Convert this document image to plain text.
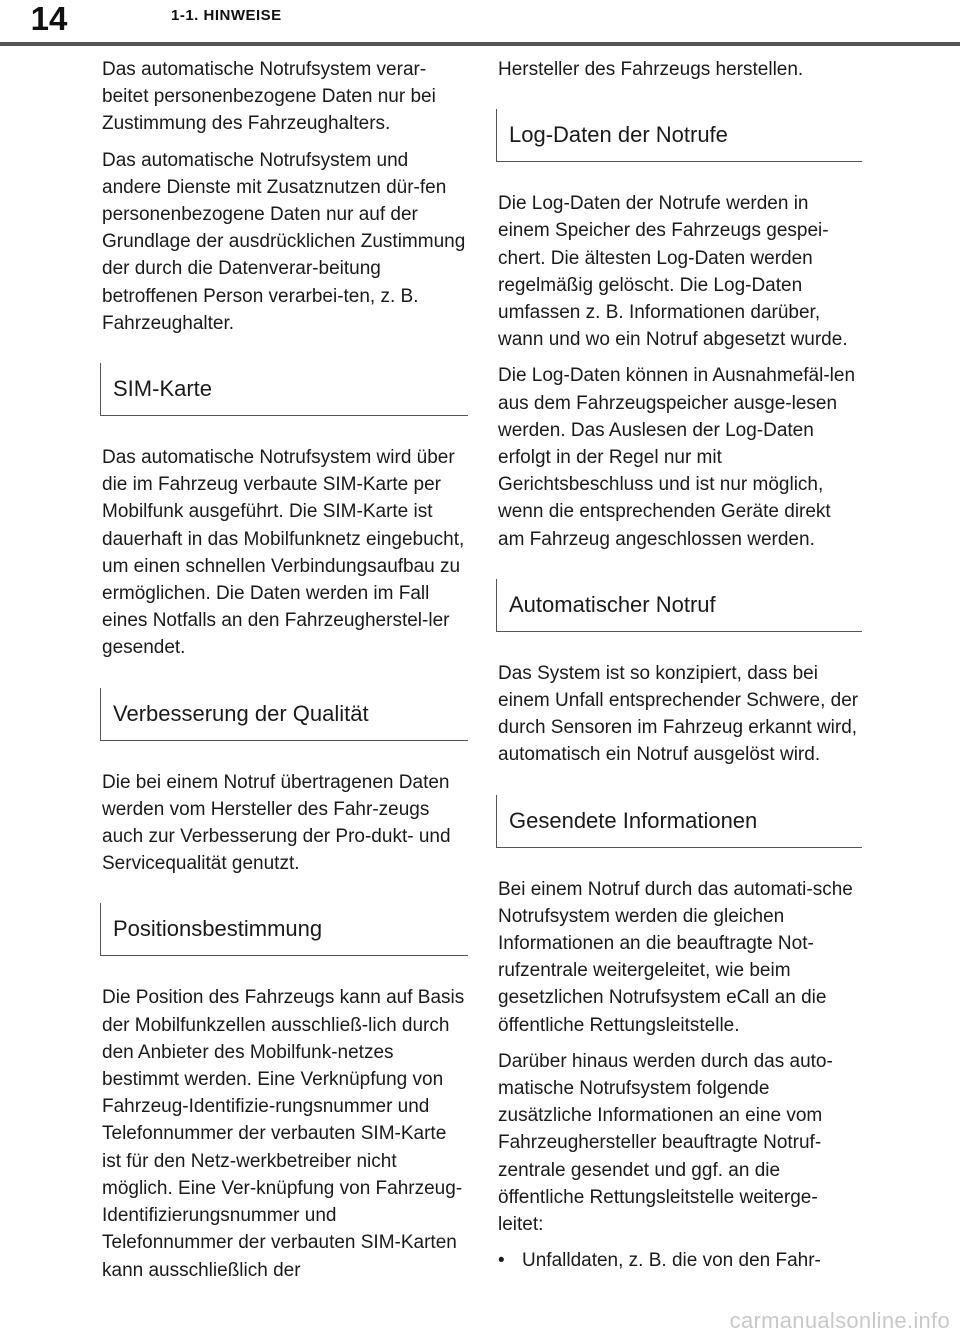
14	1-1. HINWEISE

Das automatische Notrufsystem verar-beitet personenbezogene Daten nur bei Zustimmung des Fahrzeughalters.

Das automatische Notrufsystem und andere Dienste mit Zusatznutzen dür-fen personenbezogene Daten nur auf der Grundlage der ausdrücklichen Zustimmung der durch die Datenverar-beitung betroffenen Person verarbei-ten, z. B. Fahrzeughalter.

SIM-Karte

Das automatische Notrufsystem wird über die im Fahrzeug verbaute SIM-Karte per Mobilfunk ausgeführt. Die SIM-Karte ist dauerhaft in das Mobilfunknetz eingebucht, um einen schnellen Verbindungsaufbau zu ermöglichen. Die Daten werden im Fall eines Notfalls an den Fahrzeugherstel-ler gesendet.

Verbesserung der Qualität

Die bei einem Notruf übertragenen Daten werden vom Hersteller des Fahr-zeugs auch zur Verbesserung der Pro-dukt- und Servicequalität genutzt.

Positionsbestimmung

Die Position des Fahrzeugs kann auf Basis der Mobilfunkzellen ausschließ-lich durch den Anbieter des Mobilfunk-netzes bestimmt werden. Eine Verknüpfung von Fahrzeug-Identifizie-rungsnummer und Telefonnummer der verbauten SIM-Karte ist für den Netz-werkbetreiber nicht möglich. Eine Ver-knüpfung von Fahrzeug-Identifizierungsnummer und Telefonnummer der verbauten SIM-Karten kann ausschließlich der

Hersteller des Fahrzeugs herstellen.

Log-Daten der Notrufe

Die Log-Daten der Notrufe werden in einem Speicher des Fahrzeugs gespei-chert. Die ältesten Log-Daten werden regelmäßig gelöscht. Die Log-Daten umfassen z. B. Informationen darüber, wann und wo ein Notruf abgesetzt wurde.

Die Log-Daten können in Ausnahmefäl-len aus dem Fahrzeugspeicher ausge-lesen werden. Das Auslesen der Log-Daten erfolgt in der Regel nur mit Gerichtsbeschluss und ist nur möglich, wenn die entsprechenden Geräte direkt am Fahrzeug angeschlossen werden.

Automatischer Notruf

Das System ist so konzipiert, dass bei einem Unfall entsprechender Schwere, der durch Sensoren im Fahrzeug erkannt wird, automatisch ein Notruf ausgelöst wird.

Gesendete Informationen

Bei einem Notruf durch das automati-sche Notrufsystem werden die gleichen Informationen an die beauftragte Not-rufzentrale weitergeleitet, wie beim gesetzlichen Notrufsystem eCall an die öffentliche Rettungsleitstelle.

Darüber hinaus werden durch das auto-matische Notrufsystem folgende zusätzliche Informationen an eine vom Fahrzeughersteller beauftragte Notruf-zentrale gesendet und ggf. an die öffentliche Rettungsleitstelle weiterge-leitet:

• Unfalldaten, z. B. die von den Fahr-

carmanualsonline.info
